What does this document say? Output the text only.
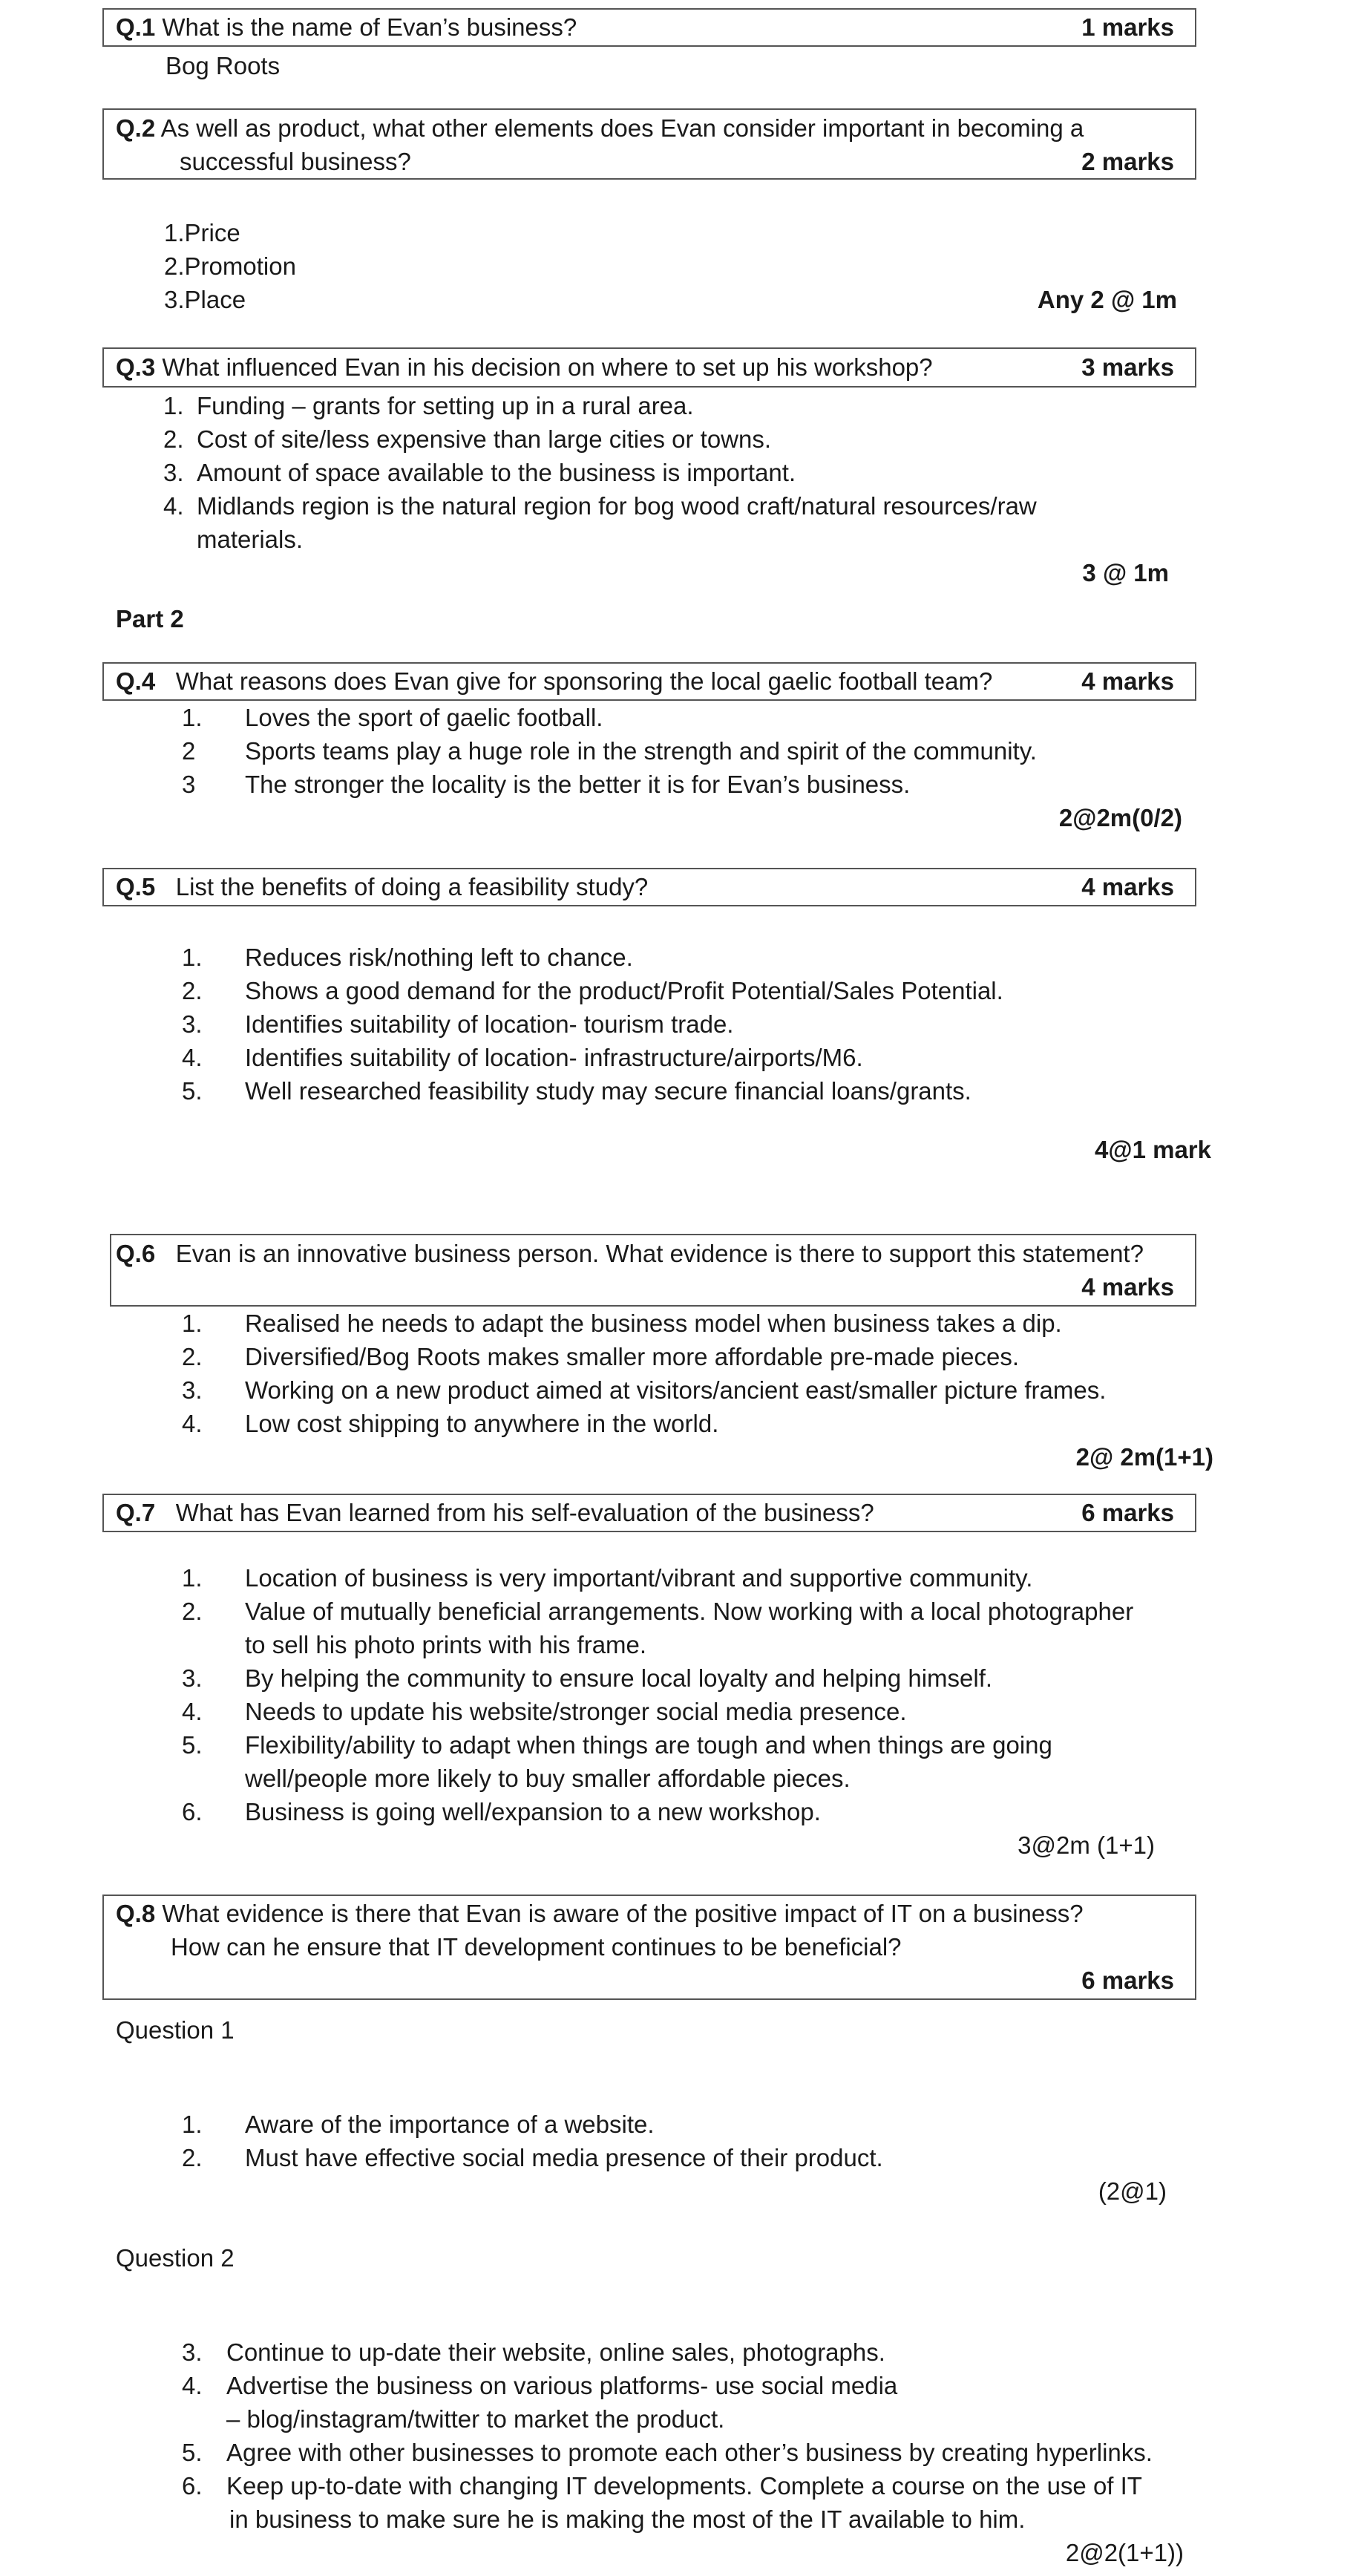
Q.1 What is the name of Evan’s business?	1 marks
Bog Roots
Q.2 As well as product, what other elements does Evan consider important in becoming a
successful business?	2 marks
1.Price
2.Promotion
3.Place	Any 2 @ 1m
Q.3 What influenced Evan in his decision on where to set up his workshop?	3 marks
1. Funding – grants for setting up in a rural area.
2. Cost of site/less expensive than large cities or towns.
3. Amount of space available to the business is important.
4. Midlands region is the natural region for bog wood craft/natural resources/raw
materials.
3 @ 1m
Part 2
Q.4 What reasons does Evan give for sponsoring the local gaelic football team?	4 marks
1. Loves the sport of gaelic football.
2 Sports teams play a huge role in the strength and spirit of the community.
3 The stronger the locality is the better it is for Evan’s business.
2@2m(0/2)
Q.5 List the benefits of doing a feasibility study?	4 marks
1. Reduces risk/nothing left to chance.
2. Shows a good demand for the product/Profit Potential/Sales Potential.
3. Identifies suitability of location- tourism trade.
4. Identifies suitability of location- infrastructure/airports/M6.
5. Well researched feasibility study may secure financial loans/grants.
4@1 mark
Q.6 Evan is an innovative business person. What evidence is there to support this statement?
4 marks
1. Realised he needs to adapt the business model when business takes a dip.
2. Diversified/Bog Roots makes smaller more affordable pre-made pieces.
3. Working on a new product aimed at visitors/ancient east/smaller picture frames.
4. Low cost shipping to anywhere in the world.
2@ 2m(1+1)
Q.7 What has Evan learned from his self-evaluation of the business?	6 marks
1. Location of business is very important/vibrant and supportive community.
2. Value of mutually beneficial arrangements. Now working with a local photographer
to sell his photo prints with his frame.
3. By helping the community to ensure local loyalty and helping himself.
4. Needs to update his website/stronger social media presence.
5. Flexibility/ability to adapt when things are tough and when things are going
well/people more likely to buy smaller affordable pieces.
6. Business is going well/expansion to a new workshop.
3@2m (1+1)
Q.8 What evidence is there that Evan is aware of the positive impact of IT on a business?
How can he ensure that IT development continues to be beneficial?
6 marks
Question 1
1. Aware of the importance of a website.
2. Must have effective social media presence of their product.
(2@1)
Question 2
3. Continue to up-date their website, online sales, photographs.
4. Advertise the business on various platforms- use social media
– blog/instagram/twitter to market the product.
5. Agree with other businesses to promote each other’s business by creating hyperlinks.
6. Keep up-to-date with changing IT developments. Complete a course on the use of IT
in business to make sure he is making the most of the IT available to him.
2@2(1+1))
